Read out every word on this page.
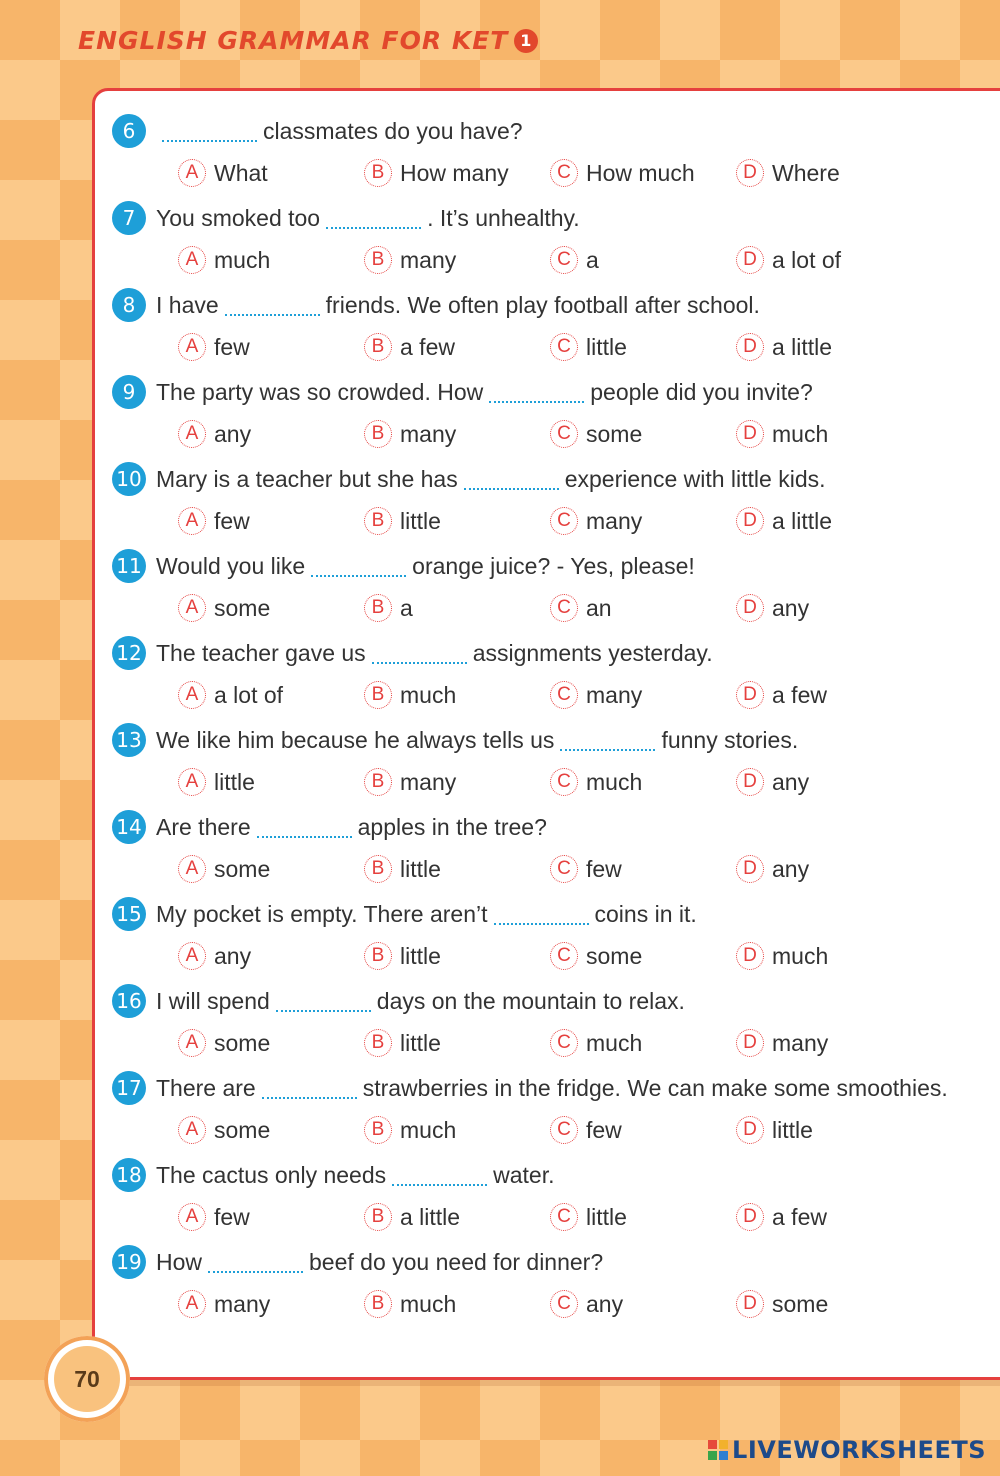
ENGLISH GRAMMAR FOR KET 1
6	classmates do you have?
A What	B How many	C How much	D Where
7 You smoked too	. It’s unhealthy.
A much	B many	C a	D a lot of
8 I have	friends. We often play football after school.
A few	B a few	C little	D a little
9 The party was so crowded. How	people did you invite?
A any	B many	C some	D much
10 Mary is a teacher but she has	experience with little kids.
A few	B little	C many	D a little
11 Would you like	orange juice? - Yes, please!
A some	B a	C an	D any
12 The teacher gave us	assignments yesterday.
A a lot of	B much	C many	D a few
13 We like him because he always tells us	funny stories.
A little	B many	C much	D any
14 Are there	apples in the tree?
A some	B little	C few	D any
15 My pocket is empty. There aren’t	coins in it.
A any	B little	C some	D much
16 I will spend	days on the mountain to relax.
A some	B little	C much	D many
17 There are	strawberries in the fridge. We can make some smoothies.
A some	B much	C few	D little
18 The cactus only needs	water.
A few	B a little	C little	D a few
19 How	beef do you need for dinner?
A many	B much	C any	D some
70
LIVEWORKSHEETS
